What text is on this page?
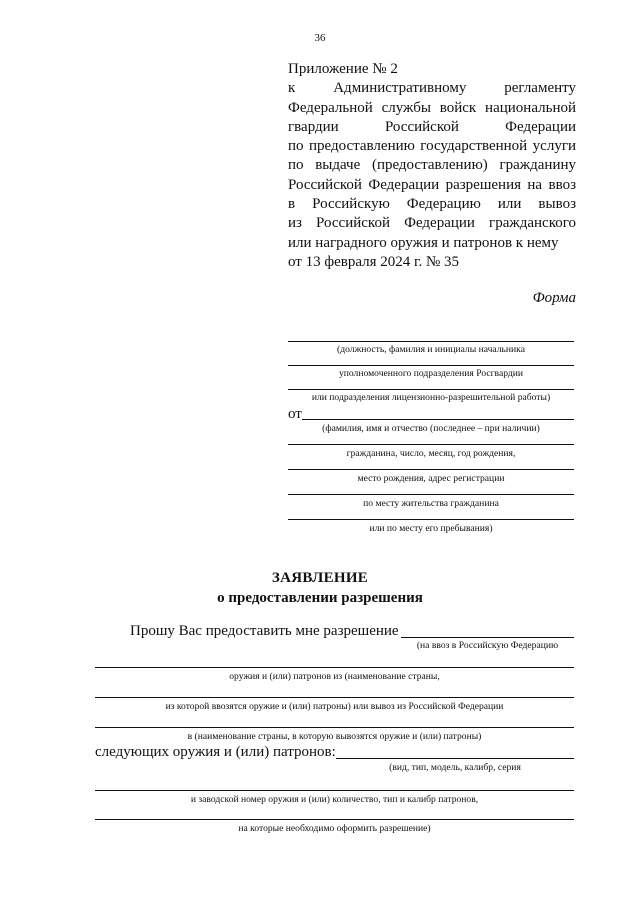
36
Приложение № 2
к Административному регламенту
Федеральной службы войск национальной
гвардии Российской Федерации
по предоставлению государственной услуги
по выдаче (предоставлению) гражданину
Российской Федерации разрешения на ввоз
в Российскую Федерацию или вывоз
из Российской Федерации гражданского
или наградного оружия и патронов к нему
от 13 февраля 2024 г. № 35
Форма
(должность, фамилия и инициалы начальника
уполномоченного подразделения Росгвардии
или подразделения лицензионно-разрешительной работы)
от
(фамилия, имя и отчество (последнее – при наличии)
гражданина, число, месяц, год рождения,
место рождения, адрес регистрации
по месту жительства гражданина
или по месту его пребывания)
ЗАЯВЛЕНИЕ
о предоставлении разрешения
Прошу Вас предоставить мне разрешение
(на ввоз в Российскую Федерацию
оружия и (или) патронов из (наименование страны,
из которой ввозятся оружие и (или) патроны) или вывоз из Российской Федерации
в (наименование страны, в которую вывозятся оружие и (или) патроны)
следующих оружия и (или) патронов:
(вид, тип, модель, калибр, серия
и заводской номер оружия и (или) количество, тип и калибр патронов,
на которые необходимо оформить разрешение)
